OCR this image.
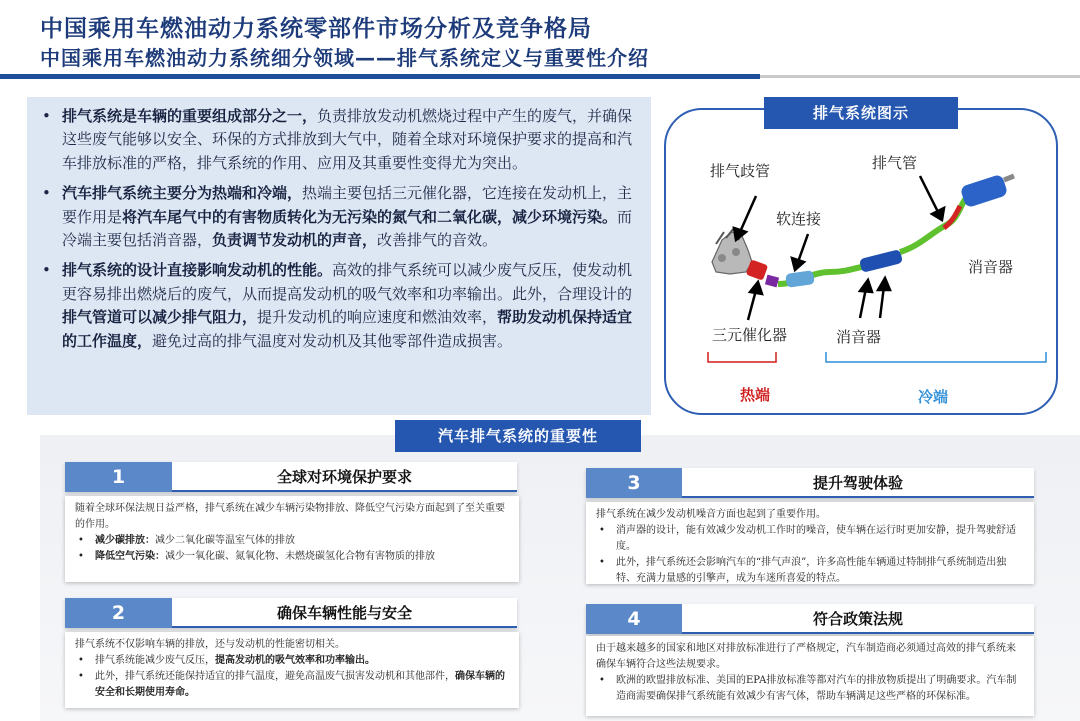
中国乘用车燃油动力系统零部件市场分析及竞争格局
中国乘用车燃油动力系统细分领域——排气系统定义与重要性介绍
• 排气系统是车辆的重要组成部分之一，负责排放发动机燃烧过程中产生的废气，并确保这些废气能够以安全、环保的方式排放到大气中，随着全球对环境保护要求的提高和汽车排放标准的严格，排气系统的作用、应用及其重要性变得尤为突出。
• 汽车排气系统主要分为热端和冷端，热端主要包括三元催化器，它连接在发动机上，主要作用是将汽车尾气中的有害物质转化为无污染的氮气和二氧化碳，减少环境污染。而冷端主要包括消音器，负责调节发动机的声音，改善排气的音效。
• 排气系统的设计直接影响发动机的性能。高效的排气系统可以减少废气反压，使发动机更容易排出燃烧后的废气，从而提高发动机的吸气效率和功率输出。此外，合理设计的排气管道可以减少排气阻力，提升发动机的响应速度和燃油效率，帮助发动机保持适宜的工作温度，避免过高的排气温度对发动机及其他零部件造成损害。
排气系统图示
排气歧管	排气管
软连接
消音器
三元催化器	消音器
热端	冷端
汽车排气系统的重要性
1	全球对环境保护要求

随着全球环保法规日益严格，排气系统在减少车辆污染物排放、降低空气污染方面起到了至关重要的作用。

• 减少碳排放：减少二氧化碳等温室气体的排放
• 降低空气污染：减少一氧化碳、氮氧化物、未燃烧碳氢化合物有害物质的排放
2	确保车辆性能与安全

排气系统不仅影响车辆的排放，还与发动机的性能密切相关。

• 排气系统能减少废气反压，提高发动机的吸气效率和功率输出。
• 此外，排气系统还能保持适宜的排气温度，避免高温废气损害发动机和其他部件，确保车辆的安全和长期使用寿命。
3	提升驾驶体验

排气系统在减少发动机噪音方面也起到了重要作用。

• 消声器的设计，能有效减少发动机工作时的噪音，使车辆在运行时更加安静，提升驾驶舒适度。
• 此外，排气系统还会影响汽车的“排气声浪”，许多高性能车辆通过特制排气系统制造出独特、充满力量感的引擎声，成为车迷所喜爱的特点。
4	符合政策法规

由于越来越多的国家和地区对排放标准进行了严格规定，汽车制造商必须通过高效的排气系统来确保车辆符合这些法规要求。

• 欧洲的欧盟排放标准、美国的EPA排放标准等都对汽车的排放物质提出了明确要求。汽车制造商需要确保排气系统能有效减少有害气体，帮助车辆满足这些严格的环保标准。
